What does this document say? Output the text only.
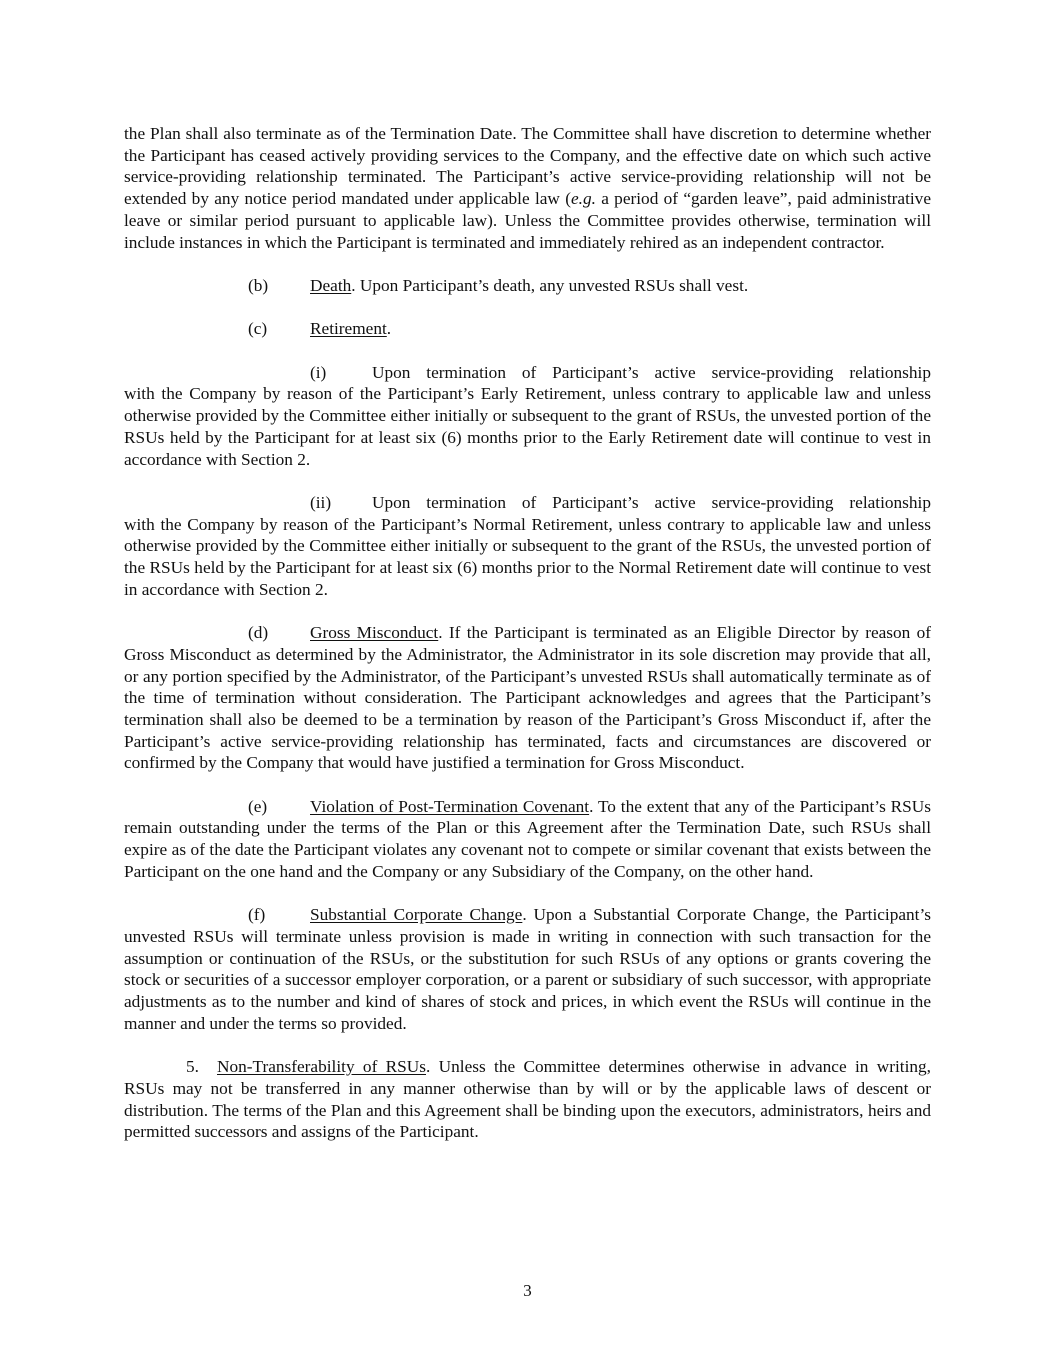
the Plan shall also terminate as of the Termination Date. The Committee shall have discretion to determine whether the Participant has ceased actively providing services to the Company, and the effective date on which such active service-providing relationship terminated. The Participant’s active service-providing relationship will not be extended by any notice period mandated under applicable law (e.g. a period of “garden leave”, paid administrative leave or similar period pursuant to applicable law). Unless the Committee provides otherwise, termination will include instances in which the Participant is terminated and immediately rehired as an independent contractor.

(b) Death. Upon Participant’s death, any unvested RSUs shall vest.

(c) Retirement.

(i)	Upon termination of Participant’s active service-providing relationship
with the Company by reason of the Participant’s Early Retirement, unless contrary to applicable law and unless otherwise provided by the Committee either initially or subsequent to the grant of RSUs, the unvested portion of the RSUs held by the Participant for at least six (6) months prior to the Early Retirement date will continue to vest in accordance with Section 2.

(ii) Upon termination of Participant’s active service-providing relationship
with the Company by reason of the Participant’s Normal Retirement, unless contrary to applicable law and unless otherwise provided by the Committee either initially or subsequent to the grant of the RSUs, the unvested portion of the RSUs held by the Participant for at least six (6) months prior to the Normal Retirement date will continue to vest in accordance with Section 2.

(d) Gross Misconduct. If the Participant is terminated as an Eligible Director by reason of Gross Misconduct as determined by the Administrator, the Administrator in its sole discretion may provide that all, or any portion specified by the Administrator, of the Participant’s unvested RSUs shall automatically terminate as of the time of termination without consideration. The Participant acknowledges and agrees that the Participant’s termination shall also be deemed to be a termination by reason of the Participant’s Gross Misconduct if, after the Participant’s active service-providing relationship has terminated, facts and circumstances are discovered or confirmed by the Company that would have justified a termination for Gross Misconduct.

(e) Violation of Post-Termination Covenant. To the extent that any of the Participant’s RSUs remain outstanding under the terms of the Plan or this Agreement after the Termination Date, such RSUs shall expire as of the date the Participant violates any covenant not to compete or similar covenant that exists between the Participant on the one hand and the Company or any Subsidiary of the Company, on the other hand.

(f)	Substantial Corporate Change. Upon a Substantial Corporate Change, the Participant’s unvested RSUs will terminate unless provision is made in writing in connection with such transaction for the assumption or continuation of the RSUs, or the substitution for such RSUs of any options or grants covering the stock or securities of a successor employer corporation, or a parent or subsidiary of such successor, with appropriate adjustments as to the number and kind of shares of stock and prices, in which event the RSUs will continue in the manner and under the terms so provided.

5. Non-Transferability of RSUs. Unless the Committee determines otherwise in advance in writing, RSUs may not be transferred in any manner otherwise than by will or by the applicable laws of descent or distribution. The terms of the Plan and this Agreement shall be binding upon the executors, administrators, heirs and permitted successors and assigns of the Participant.

3
